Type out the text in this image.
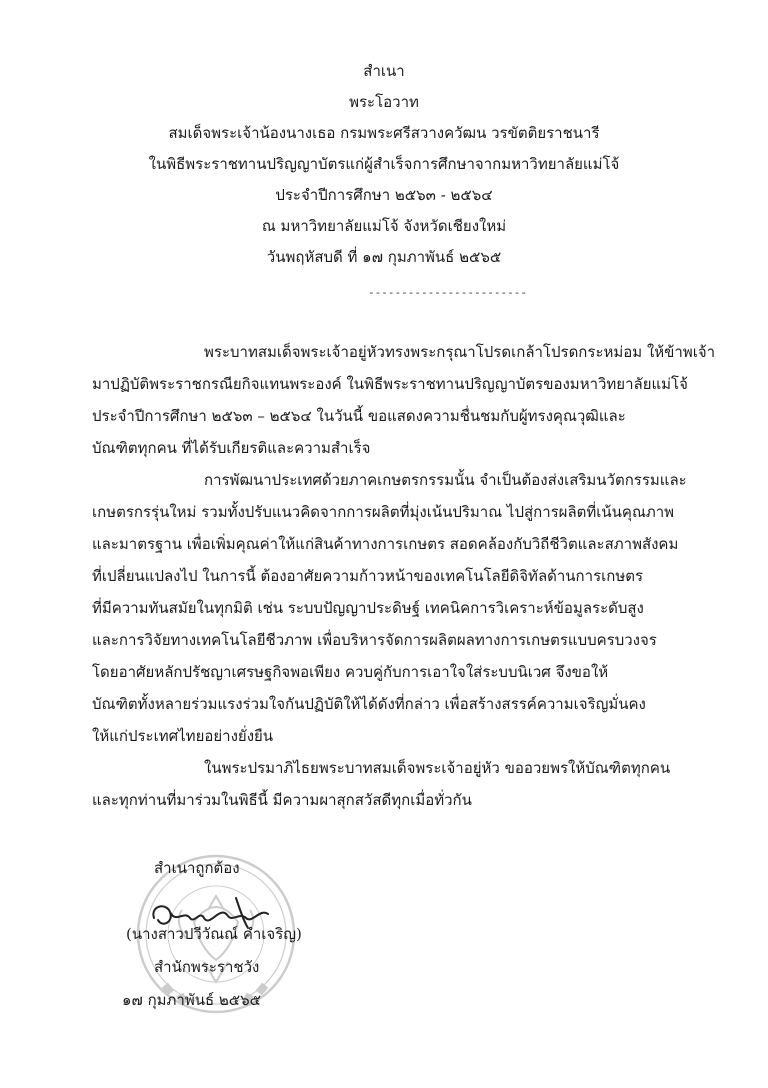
สำเนา
พระโอวาท
สมเด็จพระเจ้าน้องนางเธอ กรมพระศรีสวางควัฒน วรขัตติยราชนารี
ในพิธีพระราชทานปริญญาบัตรแก่ผู้สำเร็จการศึกษาจากมหาวิทยาลัยแม่โจ้
ประจำปีการศึกษา ๒๕๖๓ - ๒๕๖๔
ณ มหาวิทยาลัยแม่โจ้ จังหวัดเชียงใหม่
วันพฤหัสบดี ที่ ๑๗ กุมภาพันธ์ ๒๕๖๕
------------------------
พระบาทสมเด็จพระเจ้าอยู่หัวทรงพระกรุณาโปรดเกล้าโปรดกระหม่อม ให้ข้าพเจ้า
มาปฏิบัติพระราชกรณียกิจแทนพระองค์ ในพิธีพระราชทานปริญญาบัตรของมหาวิทยาลัยแม่โจ้
ประจำปีการศึกษา ๒๕๖๓ – ๒๕๖๔ ในวันนี้ ขอแสดงความชื่นชมกับผู้ทรงคุณวุฒิและ
บัณฑิตทุกคน ที่ได้รับเกียรติและความสำเร็จ
การพัฒนาประเทศด้วยภาคเกษตรกรรมนั้น จำเป็นต้องส่งเสริมนวัตกรรมและ
เกษตรกรรุ่นใหม่ รวมทั้งปรับแนวคิดจากการผลิตที่มุ่งเน้นปริมาณ ไปสู่การผลิตที่เน้นคุณภาพ
และมาตรฐาน เพื่อเพิ่มคุณค่าให้แก่สินค้าทางการเกษตร สอดคล้องกับวิถีชีวิตและสภาพสังคม
ที่เปลี่ยนแปลงไป ในการนี้ ต้องอาศัยความก้าวหน้าของเทคโนโลยีดิจิทัลด้านการเกษตร
ที่มีความทันสมัยในทุกมิติ เช่น ระบบปัญญาประดิษฐ์ เทคนิคการวิเคราะห์ข้อมูลระดับสูง
และการวิจัยทางเทคโนโลยีชีวภาพ เพื่อบริหารจัดการผลิตผลทางการเกษตรแบบครบวงจร
โดยอาศัยหลักปรัชญาเศรษฐกิจพอเพียง ควบคู่กับการเอาใจใส่ระบบนิเวศ จึงขอให้
บัณฑิตทั้งหลายร่วมแรงร่วมใจกันปฏิบัติให้ได้ดังที่กล่าว เพื่อสร้างสรรค์ความเจริญมั่นคง
ให้แก่ประเทศไทยอย่างยั่งยืน
ในพระปรมาภิไธยพระบาทสมเด็จพระเจ้าอยู่หัว ขออวยพรให้บัณฑิตทุกคน
และทุกท่านที่มาร่วมในพิธีนี้ มีความผาสุกสวัสดีทุกเมื่อทั่วกัน
สำเนาถูกต้อง
(นางสาวปวีวัณณ์ คำเจริญ)
สำนักพระราชวัง
๑๗ กุมภาพันธ์ ๒๕๖๕
